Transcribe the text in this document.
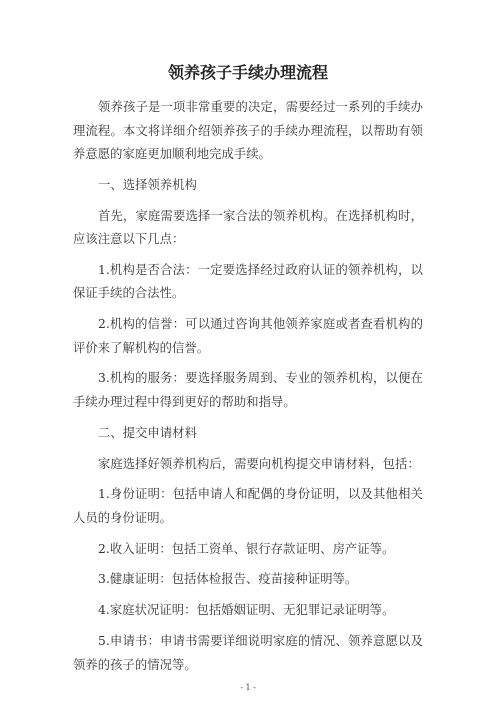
领养孩子手续办理流程

领养孩子是一项非常重要的决定，需要经过一系列的手续办理流程。本文将详细介绍领养孩子的手续办理流程，以帮助有领养意愿的家庭更加顺利地完成手续。

一、选择领养机构

首先，家庭需要选择一家合法的领养机构。在选择机构时，应该注意以下几点：

1.机构是否合法：一定要选择经过政府认证的领养机构，以保证手续的合法性。

2.机构的信誉：可以通过咨询其他领养家庭或者查看机构的评价来了解机构的信誉。

3.机构的服务：要选择服务周到、专业的领养机构，以便在手续办理过程中得到更好的帮助和指导。

二、提交申请材料

家庭选择好领养机构后，需要向机构提交申请材料，包括：

1.身份证明：包括申请人和配偶的身份证明，以及其他相关人员的身份证明。

2.收入证明：包括工资单、银行存款证明、房产证等。

3.健康证明：包括体检报告、疫苗接种证明等。

4.家庭状况证明：包括婚姻证明、无犯罪记录证明等。

5.申请书：申请书需要详细说明家庭的情况、领养意愿以及领养的孩子的情况等。

- 1 -
